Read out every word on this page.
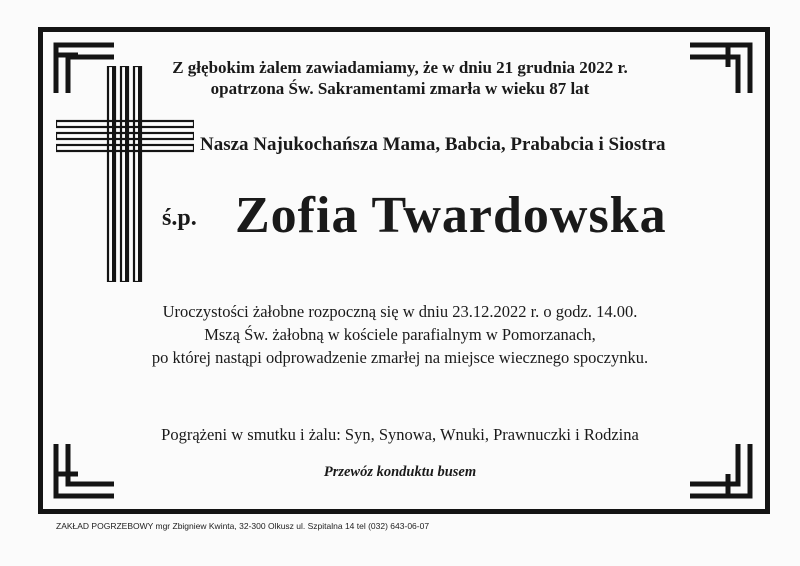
Z głębokim żalem zawiadamiamy, że w dniu 21 grudnia 2022 r.
opatrzona Św. Sakramentami zmarła w wieku 87 lat
Nasza Najukochańsza Mama, Babcia, Prababcia i Siostra
ś.p. Zofia Twardowska
Uroczystości żałobne rozpoczną się w dniu 23.12.2022 r. o godz. 14.00.
Mszą Św. żałobną w kościele parafialnym w Pomorzanach,
po której nastąpi odprowadzenie zmarłej na miejsce wiecznego spoczynku.
Pogrążeni w smutku i żalu: Syn, Synowa, Wnuki, Prawnuczki i Rodzina
Przewóz konduktu busem
ZAKŁAD POGRZEBOWY mgr Zbigniew Kwinta, 32-300 Olkusz ul. Szpitalna 14 tel (032) 643-06-07
